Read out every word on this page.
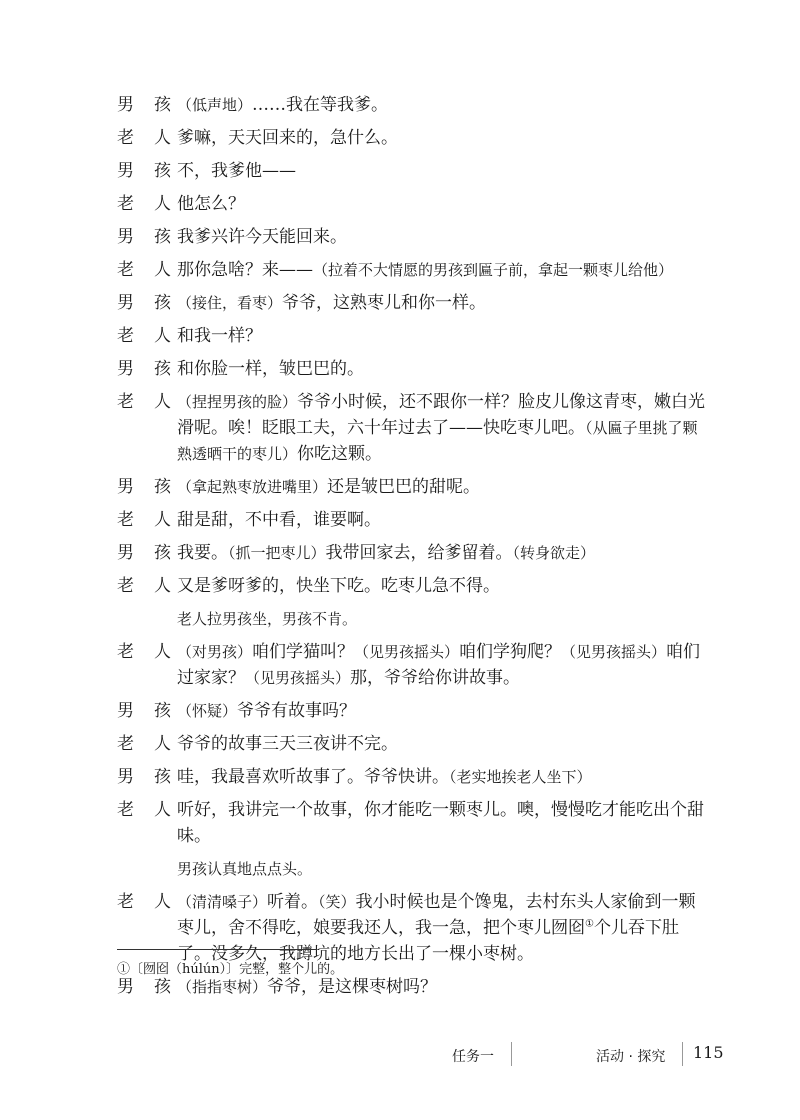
男孩
（低声地）……我在等我爹。
老人
爹嘛，天天回来的，急什么。
男孩
不，我爹他——
老人
他怎么？
男孩
我爹兴许今天能回来。
老人
那你急啥？来——（拉着不大情愿的男孩到匾子前，拿起一颗枣儿给他）
男孩
（接住，看枣）爷爷，这熟枣儿和你一样。
老人
和我一样？
男孩
和你脸一样，皱巴巴的。
老人
（捏捏男孩的脸）爷爷小时候，还不跟你一样？脸皮儿像这青枣，嫩白光滑呢。唉！眨眼工夫，六十年过去了——快吃枣儿吧。（从匾子里挑了颗熟透晒干的枣儿）你吃这颗。
男孩
（拿起熟枣放进嘴里）还是皱巴巴的甜呢。
老人
甜是甜，不中看，谁要啊。
男孩
我要。（抓一把枣儿）我带回家去，给爹留着。（转身欲走）
老人
又是爹呀爹的，快坐下吃。吃枣儿急不得。
老人拉男孩坐，男孩不肯。
老人
（对男孩）咱们学猫叫？（见男孩摇头）咱们学狗爬？（见男孩摇头）咱们过家家？（见男孩摇头）那，爷爷给你讲故事。
男孩
（怀疑）爷爷有故事吗？
老人
爷爷的故事三天三夜讲不完。
男孩
哇，我最喜欢听故事了。爷爷快讲。（老实地挨老人坐下）
老人
听好，我讲完一个故事，你才能吃一颗枣儿。噢，慢慢吃才能吃出个甜味。
男孩认真地点点头。
老人
（清清嗓子）听着。（笑）我小时候也是个馋鬼，去村东头人家偷到一颗枣儿，舍不得吃，娘要我还人，我一急，把个枣儿囫囵①个儿吞下肚了。没多久，我蹲坑的地方长出了一棵小枣树。
男孩
（指指枣树）爷爷，是这棵枣树吗？
①〔囫囵（húlún）〕完整，整个儿的。
任务一	活动 · 探究 115
